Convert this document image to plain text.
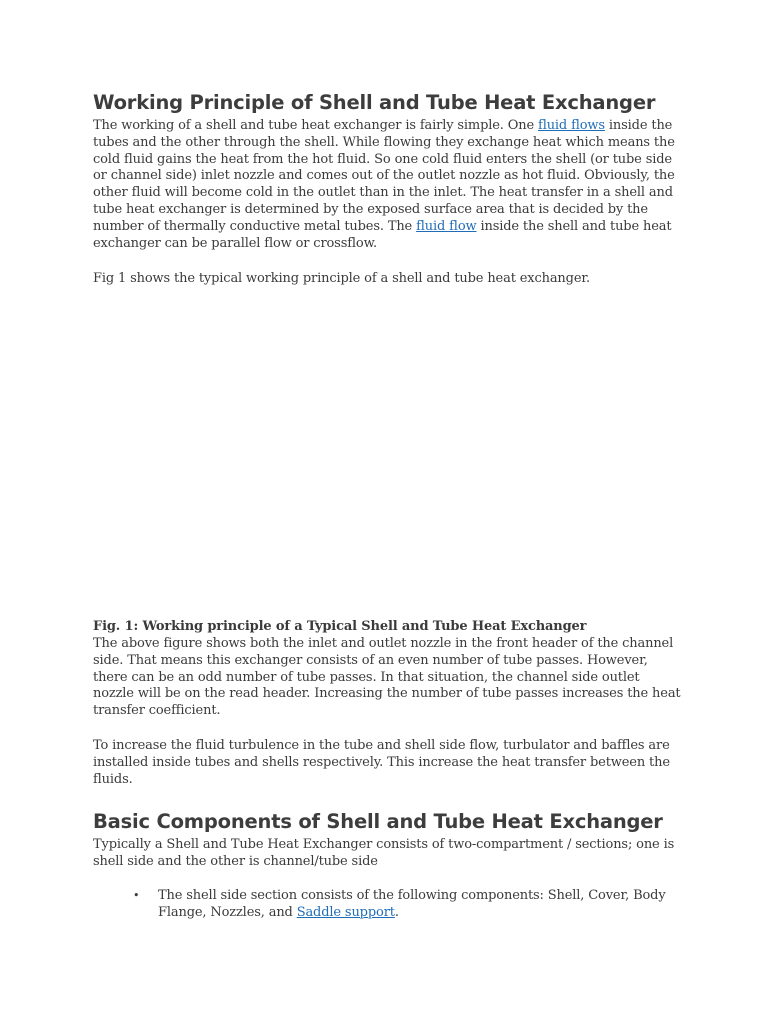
Working Principle of Shell and Tube Heat Exchanger

The working of a shell and tube heat exchanger is fairly simple. One fluid flows inside the tubes and the other through the shell. While flowing they exchange heat which means the cold fluid gains the heat from the hot fluid. So one cold fluid enters the shell (or tube side or channel side) inlet nozzle and comes out of the outlet nozzle as hot fluid. Obviously, the other fluid will become cold in the outlet than in the inlet. The heat transfer in a shell and tube heat exchanger is determined by the exposed surface area that is decided by the number of thermally conductive metal tubes. The fluid flow inside the shell and tube heat exchanger can be parallel flow or crossflow.

Fig 1 shows the typical working principle of a shell and tube heat exchanger.

Fig. 1: Working principle of a Typical Shell and Tube Heat Exchanger

The above figure shows both the inlet and outlet nozzle in the front header of the channel side. That means this exchanger consists of an even number of tube passes. However, there can be an odd number of tube passes. In that situation, the channel side outlet nozzle will be on the read header. Increasing the number of tube passes increases the heat transfer coefficient.

To increase the fluid turbulence in the tube and shell side flow, turbulator and baffles are installed inside tubes and shells respectively. This increase the heat transfer between the fluids.

Basic Components of Shell and Tube Heat Exchanger

Typically a Shell and Tube Heat Exchanger consists of two-compartment / sections; one is shell side and the other is channel/tube side

• The shell side section consists of the following components: Shell, Cover, Body Flange, Nozzles, and Saddle support.
